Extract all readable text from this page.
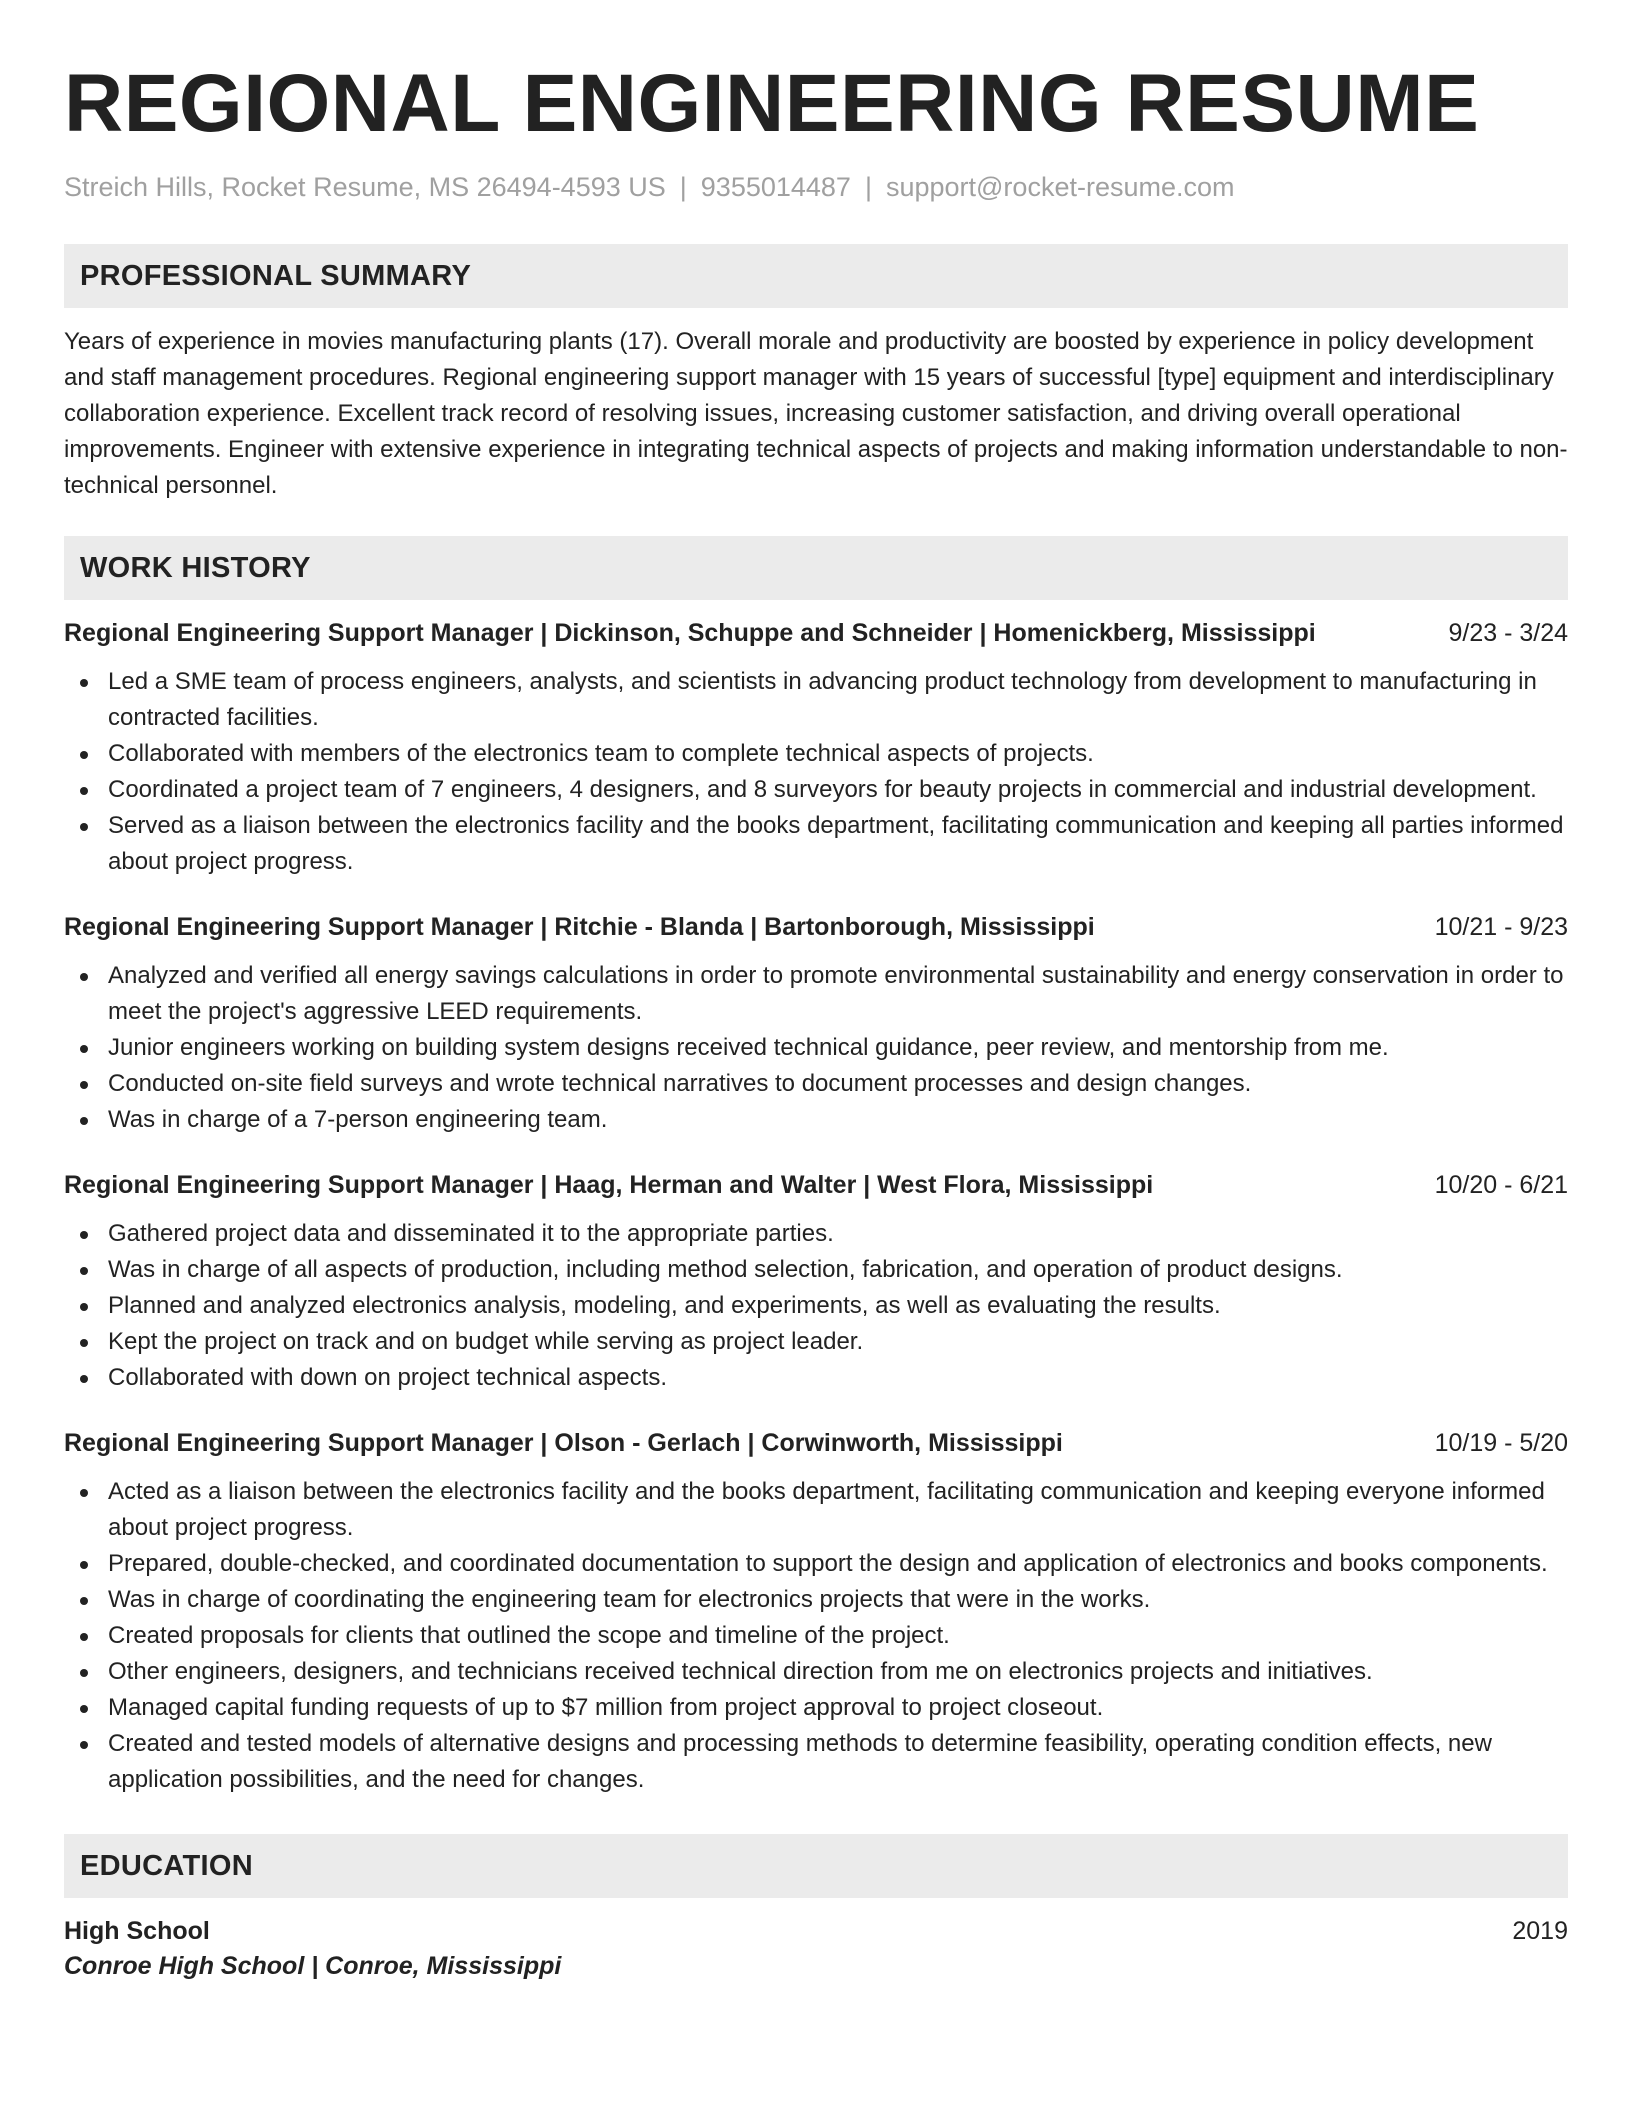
REGIONAL ENGINEERING RESUME
Streich Hills, Rocket Resume, MS 26494-4593 US | 9355014487 | support@rocket-resume.com
PROFESSIONAL SUMMARY

Years of experience in movies manufacturing plants (17). Overall morale and productivity are boosted by experience in policy development and staff management procedures. Regional engineering support manager with 15 years of successful [type] equipment and interdisciplinary collaboration experience. Excellent track record of resolving issues, increasing customer satisfaction, and driving overall operational improvements. Engineer with extensive experience in integrating technical aspects of projects and making information understandable to non-technical personnel.

WORK HISTORY
Regional Engineering Support Manager | Dickinson, Schuppe and Schneider | Homenickberg, Mississippi	9/23 - 3/24
Led a SME team of process engineers, analysts, and scientists in advancing product technology from development to manufacturing in contracted facilities.
Collaborated with members of the electronics team to complete technical aspects of projects.
Coordinated a project team of 7 engineers, 4 designers, and 8 surveyors for beauty projects in commercial and industrial development.
Served as a liaison between the electronics facility and the books department, facilitating communication and keeping all parties informed about project progress.
Regional Engineering Support Manager | Ritchie - Blanda | Bartonborough, Mississippi	10/21 - 9/23
Analyzed and verified all energy savings calculations in order to promote environmental sustainability and energy conservation in order to meet the project's aggressive LEED requirements.
Junior engineers working on building system designs received technical guidance, peer review, and mentorship from me.
Conducted on-site field surveys and wrote technical narratives to document processes and design changes.
Was in charge of a 7-person engineering team.
Regional Engineering Support Manager | Haag, Herman and Walter | West Flora, Mississippi	10/20 - 6/21
Gathered project data and disseminated it to the appropriate parties.
Was in charge of all aspects of production, including method selection, fabrication, and operation of product designs.
Planned and analyzed electronics analysis, modeling, and experiments, as well as evaluating the results.
Kept the project on track and on budget while serving as project leader.
Collaborated with down on project technical aspects.
Regional Engineering Support Manager | Olson - Gerlach | Corwinworth, Mississippi	10/19 - 5/20
Acted as a liaison between the electronics facility and the books department, facilitating communication and keeping everyone informed about project progress.
Prepared, double-checked, and coordinated documentation to support the design and application of electronics and books components.
Was in charge of coordinating the engineering team for electronics projects that were in the works.
Created proposals for clients that outlined the scope and timeline of the project.
Other engineers, designers, and technicians received technical direction from me on electronics projects and initiatives.
Managed capital funding requests of up to $7 million from project approval to project closeout.
Created and tested models of alternative designs and processing methods to determine feasibility, operating condition effects, new application possibilities, and the need for changes.
EDUCATION
High School	2019
Conroe High School | Conroe, Mississippi
